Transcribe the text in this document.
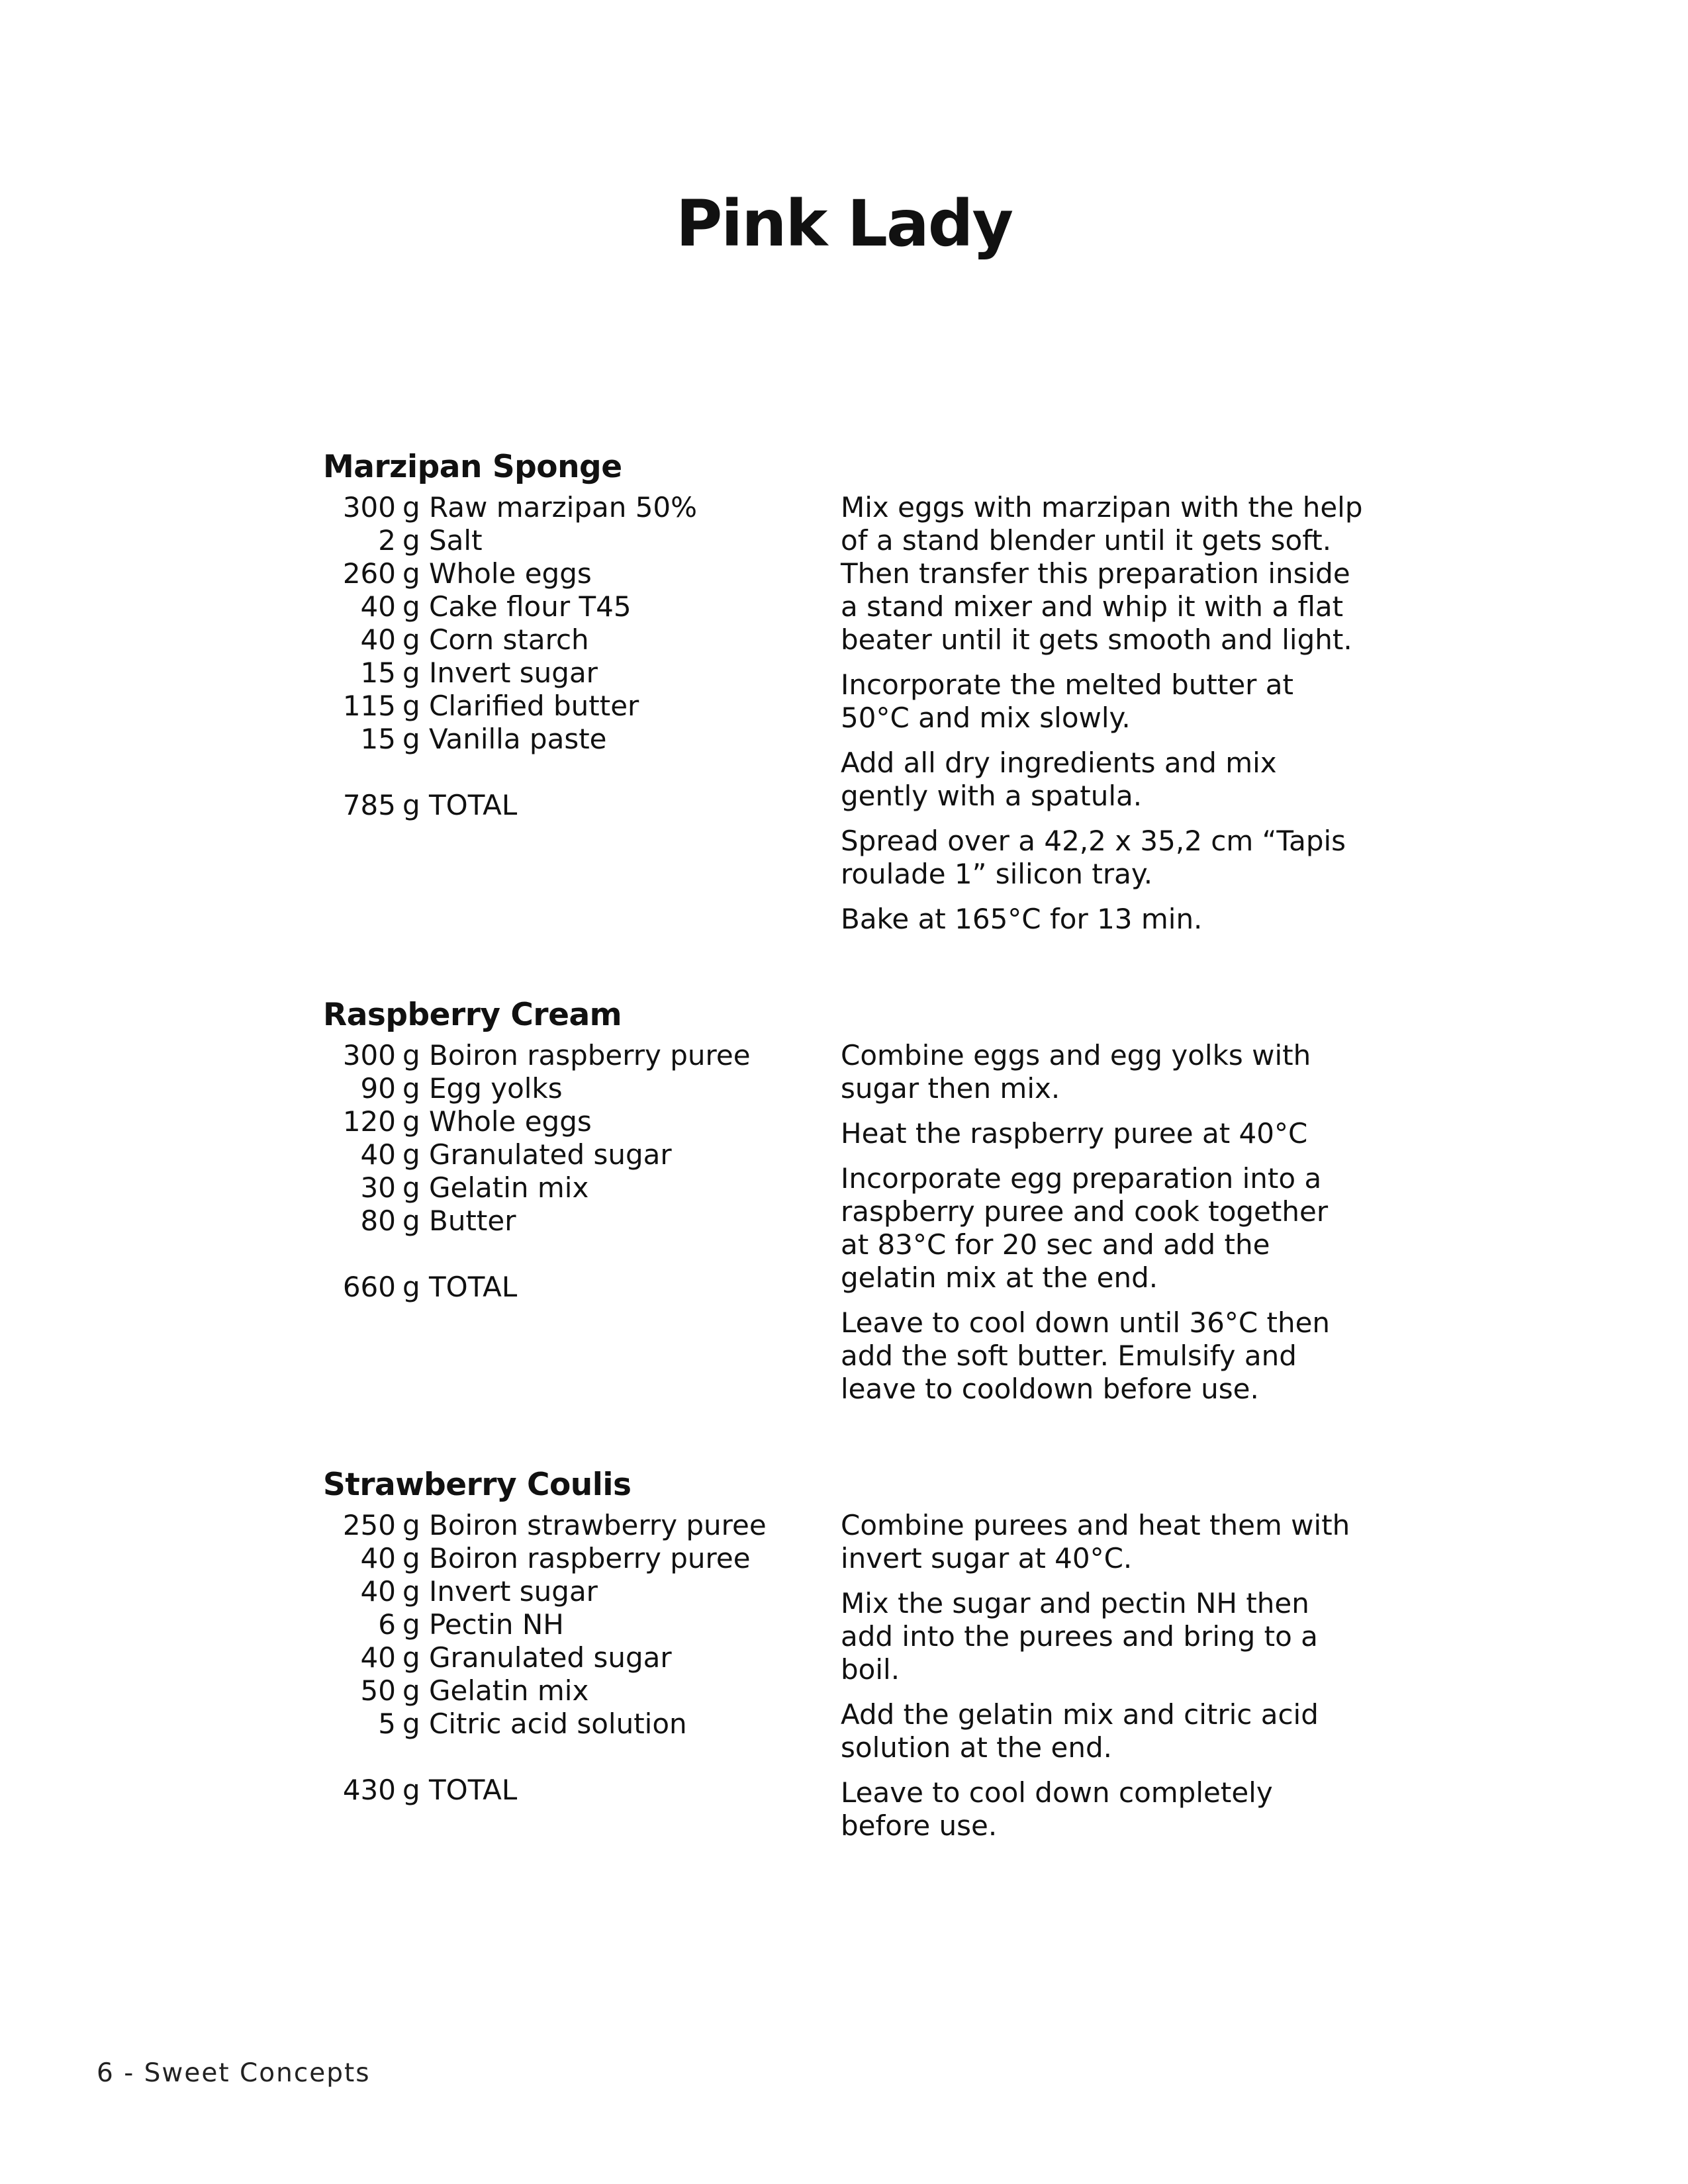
Pink Lady
Marzipan Sponge
300 g Raw marzipan 50%
2 g Salt
260 g Whole eggs
40 g Cake flour T45
40 g Corn starch
15 g Invert sugar
115 g Clarified butter
15 g Vanilla paste
785 g TOTAL

Mix eggs with marzipan with the help of a stand blender until it gets soft. Then transfer this preparation inside a stand mixer and whip it with a flat beater until it gets smooth and light.

Incorporate the melted butter at 50°C and mix slowly.

Add all dry ingredients and mix gently with a spatula.

Spread over a 42,2 x 35,2 cm “Tapis roulade 1” silicon tray.

Bake at 165°C for 13 min.

Raspberry Cream
300 g Boiron raspberry puree
90 g Egg yolks
120 g Whole eggs
40 g Granulated sugar
30 g Gelatin mix
80 g Butter
660 g TOTAL

Combine eggs and egg yolks with sugar then mix.

Heat the raspberry puree at 40°C

Incorporate egg preparation into a raspberry puree and cook together at 83°C for 20 sec and add the gelatin mix at the end.

Leave to cool down until 36°C then add the soft butter. Emulsify and leave to cooldown before use.

Strawberry Coulis
250 g Boiron strawberry puree
40 g Boiron raspberry puree
40 g Invert sugar
6 g Pectin NH
40 g Granulated sugar
50 g Gelatin mix
5 g Citric acid solution
430 g TOTAL

Combine purees and heat them with invert sugar at 40°C.

Mix the sugar and pectin NH then add into the purees and bring to a boil.

Add the gelatin mix and citric acid solution at the end.

Leave to cool down completely before use.

6 - Sweet Concepts
